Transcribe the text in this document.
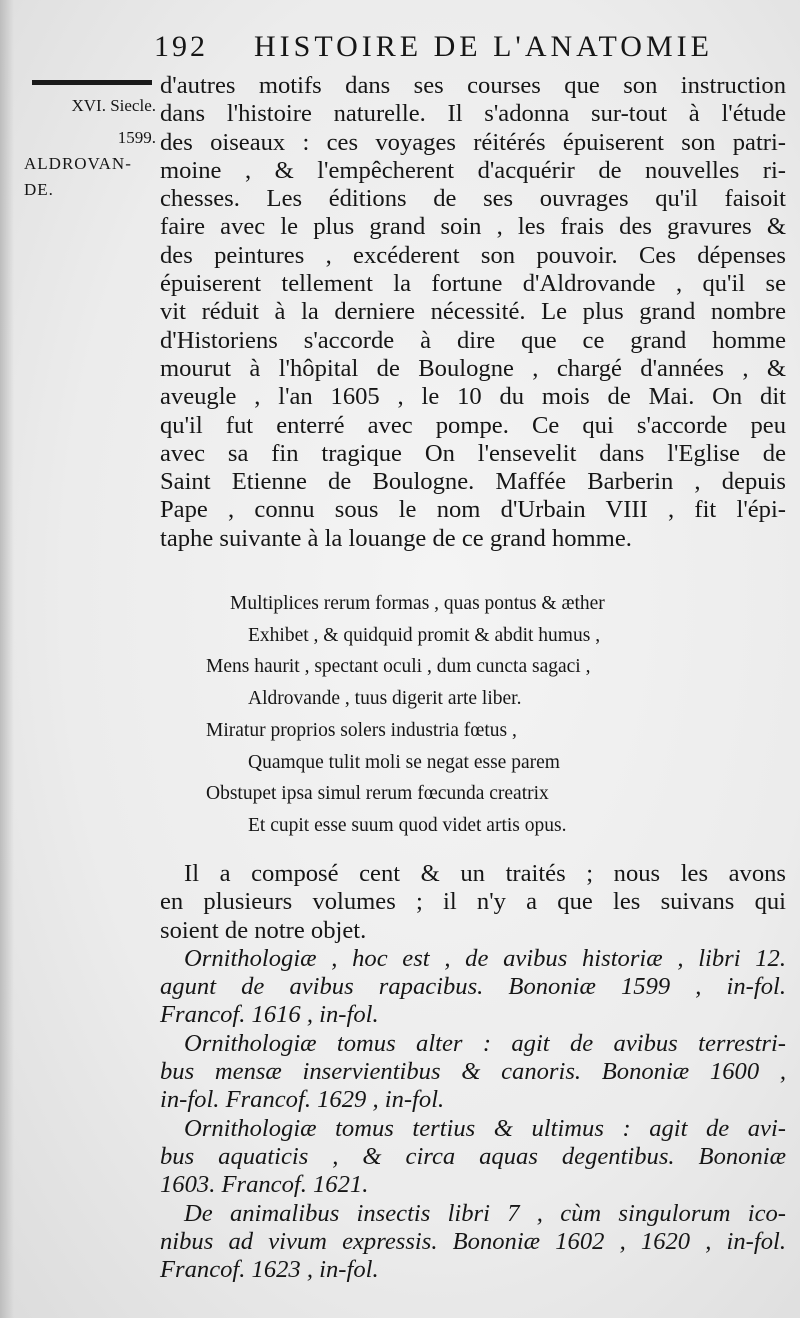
192 HISTOIRE DE L'ANATOMIE
XVI. Siecle.
1599.
ALDROVAN-
DE.
d'autres motifs dans ses courses que son instruction
dans l'histoire naturelle. Il s'adonna sur-tout à l'étude
des oiseaux : ces voyages réitérés épuiserent son patri-
moine , & l'empêcherent d'acquérir de nouvelles ri-
chesses. Les éditions de ses ouvrages qu'il faisoit
faire avec le plus grand soin , les frais des gravures &
des peintures , excéderent son pouvoir. Ces dépenses
épuiserent tellement la fortune d'Aldrovande , qu'il se
vit réduit à la derniere nécessité. Le plus grand nombre
d'Historiens s'accorde à dire que ce grand homme
mourut à l'hôpital de Boulogne , chargé d'années , &
aveugle , l'an 1605 , le 10 du mois de Mai. On dit
qu'il fut enterré avec pompe. Ce qui s'accorde peu
avec sa fin tragique On l'ensevelit dans l'Eglise de
Saint Etienne de Boulogne. Maffée Barberin , depuis
Pape , connu sous le nom d'Urbain VIII , fit l'épi-
taphe suivante à la louange de ce grand homme.
Multiplices rerum formas , quas pontus & æther
Exhibet , & quidquid promit & abdit humus ,
Mens haurit , spectant oculi , dum cuncta sagaci ,
Aldrovande , tuus digerit arte liber.
Miratur proprios solers industria fœtus ,
Quamque tulit moli se negat esse parem
Obstupet ipsa simul rerum fœcunda creatrix
Et cupit esse suum quod videt artis opus.
Il a composé cent & un traités ; nous les avons
en plusieurs volumes ; il n'y a que les suivans qui
soient de notre objet.
Ornithologiæ , hoc est , de avibus historiæ , libri 12.
agunt de avibus rapacibus. Bononiæ 1599 , in-fol.
Francof. 1616 , in-fol.
Ornithologiæ tomus alter : agit de avibus terrestri-
bus mensæ inservientibus & canoris. Bononiæ 1600 ,
in-fol. Francof. 1629 , in-fol.
Ornithologiæ tomus tertius & ultimus : agit de avi-
bus aquaticis , & circa aquas degentibus. Bononiæ
1603. Francof. 1621.
De animalibus insectis libri 7 , cùm singulorum ico-
nibus ad vivum expressis. Bononiæ 1602 , 1620 , in-fol.
Francof. 1623 , in-fol.
